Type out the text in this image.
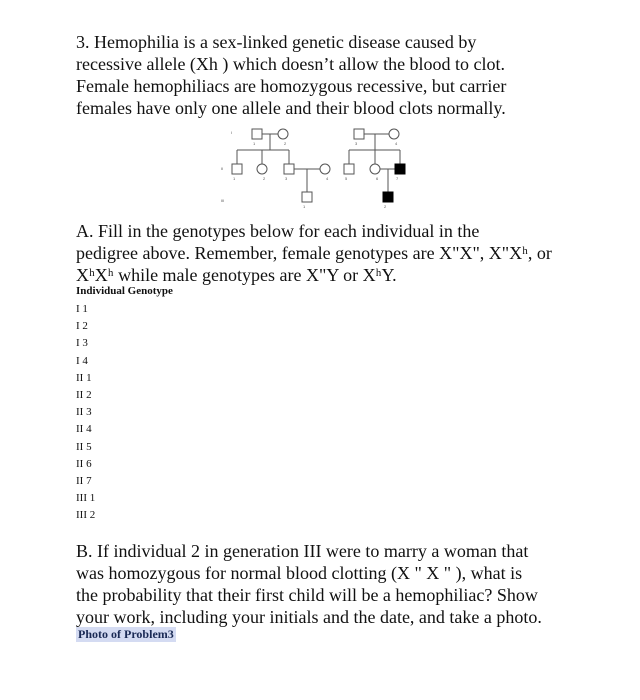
3. Hemophilia is a sex-linked genetic disease caused by
recessive allele (Xh ) which doesn’t allow the blood to clot.
Female hemophiliacs are homozygous recessive, but carrier
females have only one allele and their blood clots normally.
I
1	2	3	4
II
1	2	3	4	5	6	7
III
1	2
A. Fill in the genotypes below for each individual in the
pedigree above. Remember, female genotypes are X"X", X"Xʰ, or
XʰXʰ while male genotypes are X"Y or XʰY.
Individual Genotype
I 1
I 2
I 3
I 4
II 1
II 2
II 3
II 4
II 5
II 6
II 7
III 1
III 2
B. If individual 2 in generation III were to marry a woman that
was homozygous for normal blood clotting (X " X " ), what is
the probability that their first child will be a hemophiliac? Show
your work, including your initials and the date, and take a photo.
Photo of Problem3
